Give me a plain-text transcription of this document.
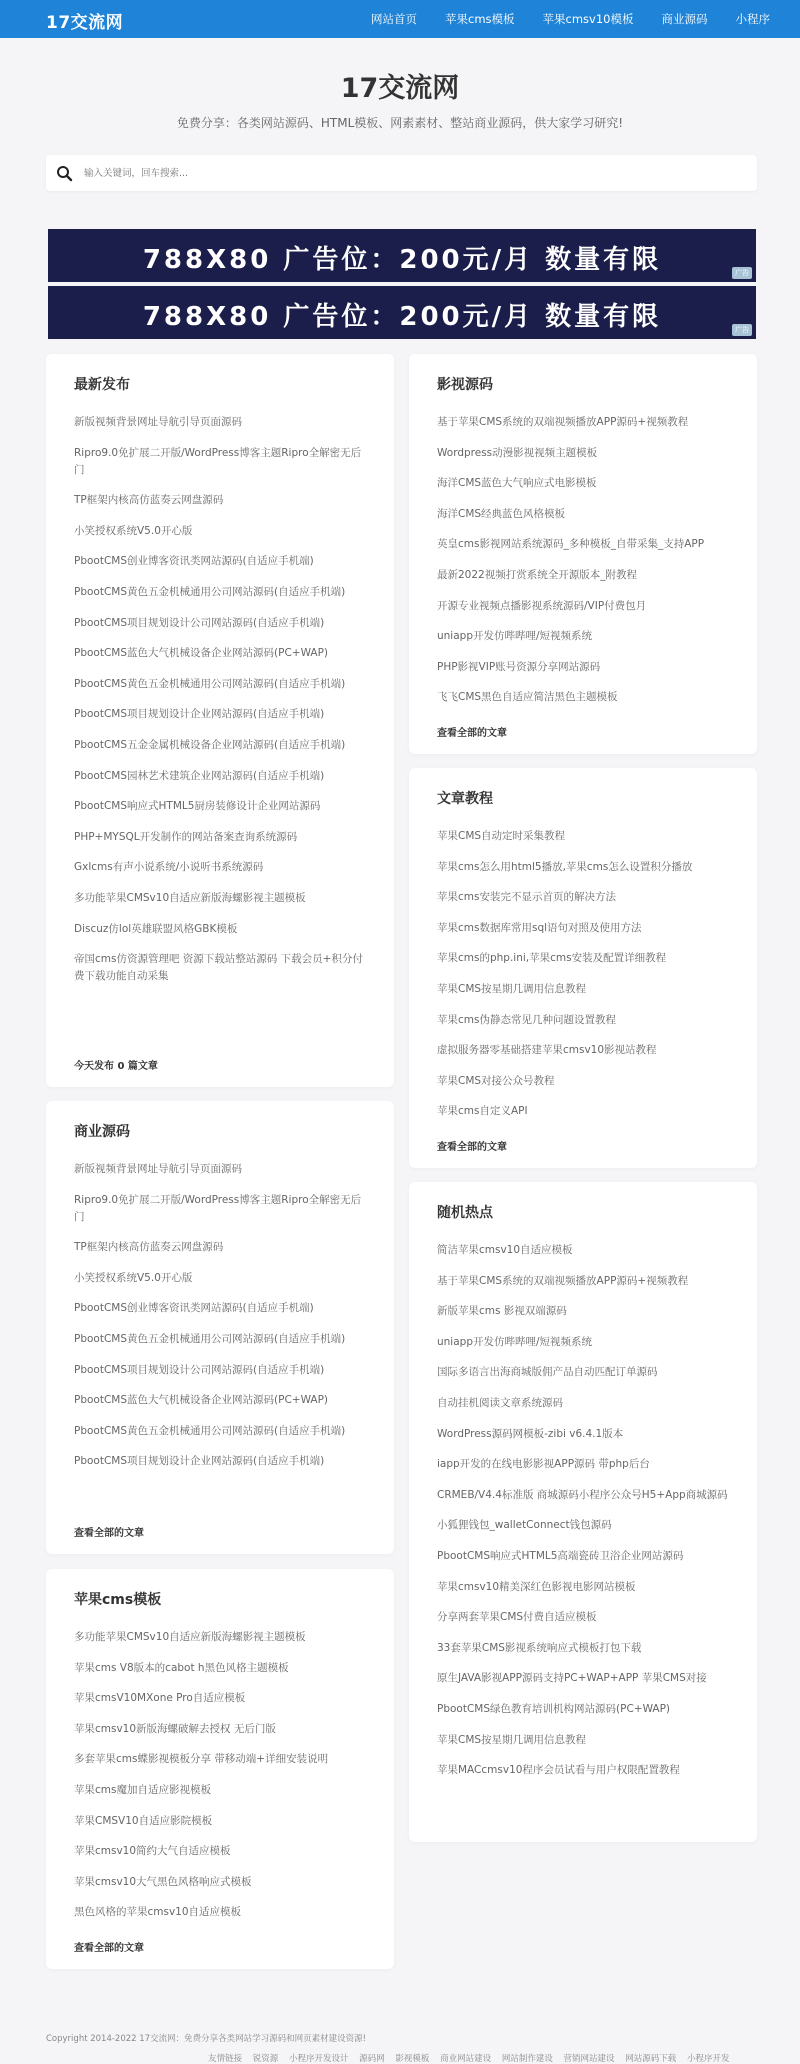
17交流网	网站首页 苹果cms模板 苹果cmsv10模板 商业源码 小程序
17交流网
免费分享：各类网站源码、HTML模板、网素素材、整站商业源码，供大家学习研究!
输入关键词，回车搜索...
788X80 广告位：200元/月 数量有限	广告
788X80 广告位：200元/月 数量有限	广告
最新发布
新版视频背景网址导航引导页面源码
Ripro9.0免扩展二开版/WordPress博客主题Ripro全解密无后门
TP框架内核高仿蓝奏云网盘源码
小笑授权系统V5.0开心版
PbootCMS创业博客资讯类网站源码(自适应手机端)
PbootCMS黄色五金机械通用公司网站源码(自适应手机端)
PbootCMS项目规划设计公司网站源码(自适应手机端)
PbootCMS蓝色大气机械设备企业网站源码(PC+WAP)
PbootCMS黄色五金机械通用公司网站源码(自适应手机端)
PbootCMS项目规划设计企业网站源码(自适应手机端)
PbootCMS五金金属机械设备企业网站源码(自适应手机端)
PbootCMS园林艺术建筑企业网站源码(自适应手机端)
PbootCMS响应式HTML5厨房装修设计企业网站源码
PHP+MYSQL开发制作的网站备案查询系统源码
Gxlcms有声小说系统/小说听书系统源码
多功能苹果CMSv10自适应新版海螺影视主题模板
Discuz仿lol英雄联盟风格GBK模板
帝国cms仿资源管理吧 资源下载站整站源码 下载会员+积分付费下载功能自动采集
今天发布 0 篇文章
商业源码
新版视频背景网址导航引导页面源码
Ripro9.0免扩展二开版/WordPress博客主题Ripro全解密无后门
TP框架内核高仿蓝奏云网盘源码
小笑授权系统V5.0开心版
PbootCMS创业博客资讯类网站源码(自适应手机端)
PbootCMS黄色五金机械通用公司网站源码(自适应手机端)
PbootCMS项目规划设计公司网站源码(自适应手机端)
PbootCMS蓝色大气机械设备企业网站源码(PC+WAP)
PbootCMS黄色五金机械通用公司网站源码(自适应手机端)
PbootCMS项目规划设计企业网站源码(自适应手机端)
查看全部的文章
苹果cms模板
多功能苹果CMSv10自适应新版海螺影视主题模板
苹果cms V8版本的cabot h黑色风格主题模板
苹果cmsV10MXone Pro自适应模板
苹果cmsv10新版海螺破解去授权 无后门版
多套苹果cms蝶影视模板分享 带移动端+详细安装说明
苹果cms魔加自适应影视模板
苹果CMSV10自适应影院模板
苹果cmsv10简约大气自适应模板
苹果cmsv10大气黑色风格响应式模板
黑色风格的苹果cmsv10自适应模板
查看全部的文章
影视源码
基于苹果CMS系统的双端视频播放APP源码+视频教程
Wordpress动漫影视视频主题模板
海洋CMS蓝色大气响应式电影模板
海洋CMS经典蓝色风格模板
英皇cms影视网站系统源码_多种模板_自带采集_支持APP
最新2022视频打赏系统全开源版本_附教程
开源专业视频点播影视系统源码/VIP付费包月
uniapp开发仿哔哔哩/短视频系统
PHP影视VIP账号资源分享网站源码
飞飞CMS黑色自适应简洁黑色主题模板
查看全部的文章
文章教程
苹果CMS自动定时采集教程
苹果cms怎么用html5播放,苹果cms怎么设置积分播放
苹果cms安装完不显示首页的解决方法
苹果cms数据库常用sql语句对照及使用方法
苹果cms的php.ini,苹果cms安装及配置详细教程
苹果CMS按星期几调用信息教程
苹果cms伪静态常见几种问题设置教程
虚拟服务器零基础搭建苹果cmsv10影视站教程
苹果CMS对接公众号教程
苹果cms自定义API
查看全部的文章
随机热点
简洁苹果cmsv10自适应模板
基于苹果CMS系统的双端视频播放APP源码+视频教程
新版苹果cms 影视双端源码
uniapp开发仿哔哔哩/短视频系统
国际多语言出海商城版佣产品自动匹配订单源码
自动挂机阅读文章系统源码
WordPress源码网模板-zibi v6.4.1版本
iapp开发的在线电影影视APP源码 带php后台
CRMEB/V4.4标准版 商城源码小程序公众号H5+App商城源码
小狐狸钱包_walletConnect钱包源码
PbootCMS响应式HTML5高端瓷砖卫浴企业网站源码
苹果cmsv10精美深红色影视电影网站模板
分享两套苹果CMS付费自适应模板
33套苹果CMS影视系统响应式模板打包下载
原生JAVA影视APP源码支持PC+WAP+APP 苹果CMS对接
PbootCMS绿色教育培训机构网站源码(PC+WAP)
苹果CMS按星期几调用信息教程
苹果MACcmsv10程序会员试看与用户权限配置教程
Copyright 2014-2022 17交流网：免费分享各类网站学习源码和网页素材建设资源!
友情链接 锐资源 小程序开发设计 源码网 影视模板 商业网站建设 网站制作建设 营销网站建设 网站源码下载 小程序开发
